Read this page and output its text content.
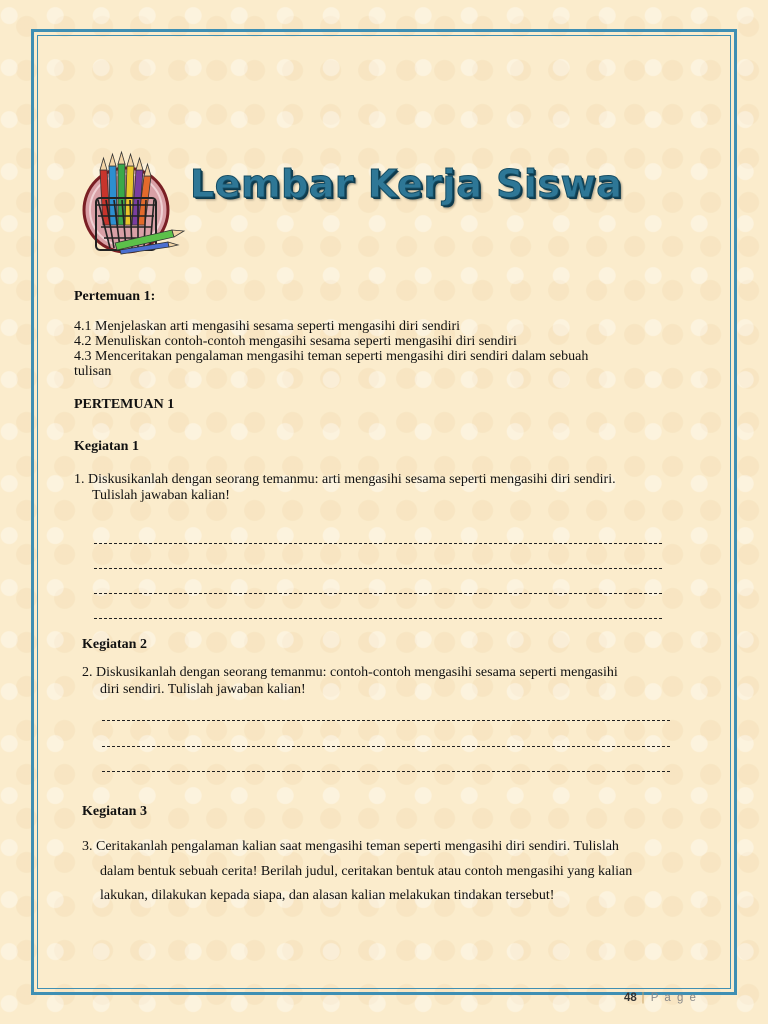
Lembar Kerja Siswa
Pertemuan 1:
4.1 Menjelaskan arti mengasihi sesama seperti mengasihi diri sendiri
4.2 Menuliskan contoh-contoh mengasihi sesama seperti mengasihi diri sendiri
4.3 Menceritakan pengalaman mengasihi teman seperti mengasihi diri sendiri dalam sebuah
tulisan
PERTEMUAN 1
Kegiatan 1
1. Diskusikanlah dengan seorang temanmu: arti mengasihi sesama seperti mengasihi diri sendiri.
Tulislah jawaban kalian!
Kegiatan 2
2. Diskusikanlah dengan seorang temanmu: contoh-contoh mengasihi sesama seperti mengasihi
diri sendiri. Tulislah jawaban kalian!
Kegiatan 3
3. Ceritakanlah pengalaman kalian saat mengasihi teman seperti mengasihi diri sendiri. Tulislah
dalam bentuk sebuah cerita! Berilah judul, ceritakan bentuk atau contoh mengasihi yang kalian
lakukan, dilakukan kepada siapa, dan alasan kalian melakukan tindakan tersebut!
48 | P a g e
